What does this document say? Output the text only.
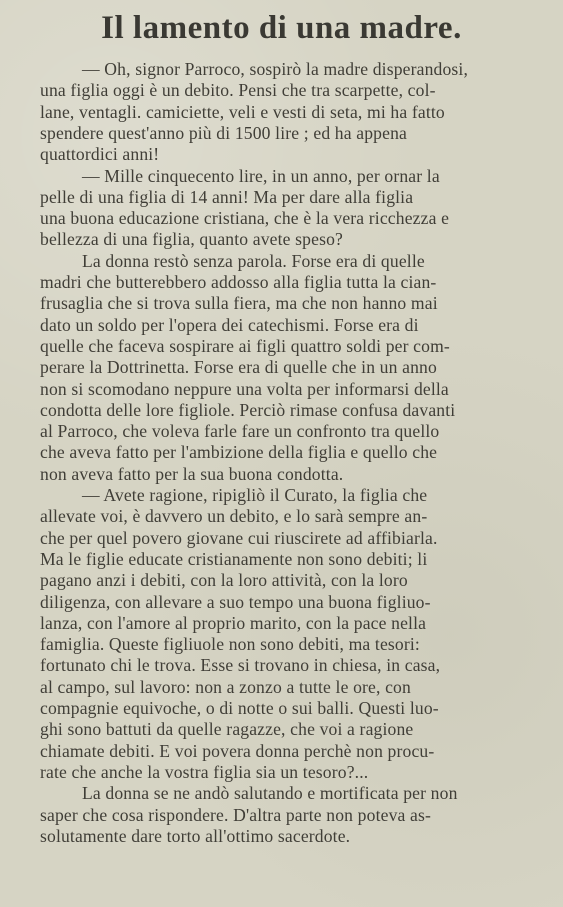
Il lamento di una madre.
— Oh, signor Parroco, sospirò la madre disperandosi,
una figlia oggi è un debito. Pensi che tra scarpette, col-
lane, ventagli. camiciette, veli e vesti di seta, mi ha fatto
spendere quest'anno più di 1500 lire ; ed ha appena
quattordici anni!
— Mille cinquecento lire, in un anno, per ornar la
pelle di una figlia di 14 anni! Ma per dare alla figlia
una buona educazione cristiana, che è la vera ricchezza e
bellezza di una figlia, quanto avete speso?
La donna restò senza parola. Forse era di quelle
madri che butterebbero addosso alla figlia tutta la cian-
frusaglia che si trova sulla fiera, ma che non hanno mai
dato un soldo per l'opera dei catechismi. Forse era di
quelle che faceva sospirare ai figli quattro soldi per com-
perare la Dottrinetta. Forse era di quelle che in un anno
non si scomodano neppure una volta per informarsi della
condotta delle lore figliole. Perciò rimase confusa davanti
al Parroco, che voleva farle fare un confronto tra quello
che aveva fatto per l'ambizione della figlia e quello che
non aveva fatto per la sua buona condotta.
— Avete ragione, ripigliò il Curato, la figlia che
allevate voi, è davvero un debito, e lo sarà sempre an-
che per quel povero giovane cui riuscirete ad affibiarla.
Ma le figlie educate cristianamente non sono debiti; li
pagano anzi i debiti, con la loro attività, con la loro
diligenza, con allevare a suo tempo una buona figliuo-
lanza, con l'amore al proprio marito, con la pace nella
famiglia. Queste figliuole non sono debiti, ma tesori:
fortunato chi le trova. Esse si trovano in chiesa, in casa,
al campo, sul lavoro: non a zonzo a tutte le ore, con
compagnie equivoche, o di notte o sui balli. Questi luo-
ghi sono battuti da quelle ragazze, che voi a ragione
chiamate debiti. E voi povera donna perchè non procu-
rate che anche la vostra figlia sia un tesoro?...
La donna se ne andò salutando e mortificata per non
saper che cosa rispondere. D'altra parte non poteva as-
solutamente dare torto all'ottimo sacerdote.
